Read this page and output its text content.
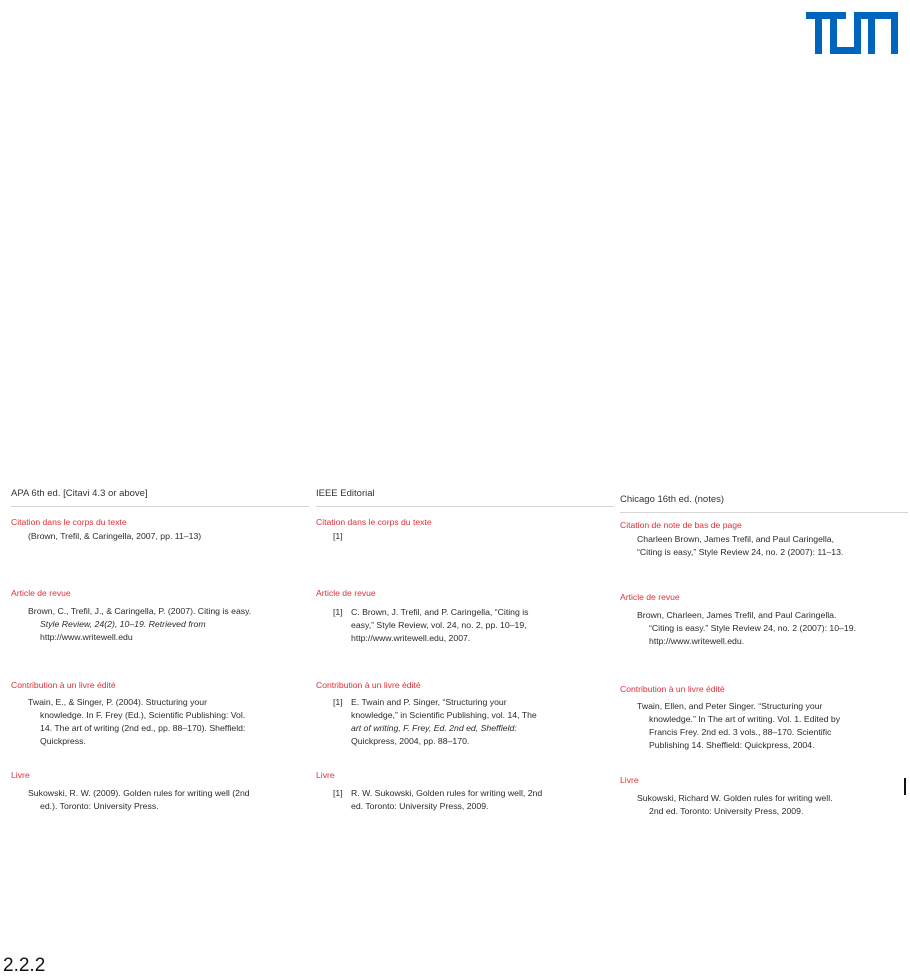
APA 6th ed. [Citavi 4.3 or above]

Citation dans le corps du texte

(Brown, Trefil, & Caringella, 2007, pp. 11–13)

Article de revue

Brown, C., Trefil, J., & Caringella, P. (2007). Citing is easy.
Style Review, 24(2), 10–19. Retrieved from
http://www.writewell.edu

Contribution à un livre édité

Twain, E., & Singer, P. (2004). Structuring your
knowledge. In F. Frey (Ed.), Scientific Publishing: Vol.
14. The art of writing (2nd ed., pp. 88–170). Sheffield:
Quickpress.

Livre

Sukowski, R. W. (2009). Golden rules for writing well (2nd
ed.). Toronto: University Press.

IEEE Editorial

Citation dans le corps du texte

[1]

Article de revue

[1] C. Brown, J. Trefil, and P. Caringella, “Citing is
easy,” Style Review, vol. 24, no. 2, pp. 10–19,
http://www.writewell.edu, 2007.

Contribution à un livre édité

[1] E. Twain and P. Singer, “Structuring your
knowledge,” in Scientific Publishing, vol. 14, The
art of writing, F. Frey, Ed. 2nd ed, Sheffield:
Quickpress, 2004, pp. 88–170.

Livre

[1] R. W. Sukowski, Golden rules for writing well, 2nd
ed. Toronto: University Press, 2009.

Chicago 16th ed. (notes)

Citation de note de bas de page

Charleen Brown, James Trefil, and Paul Caringella,
“Citing is easy,” Style Review 24, no. 2 (2007): 11–13.

Article de revue

Brown, Charleen, James Trefil, and Paul Caringella.
“Citing is easy.” Style Review 24, no. 2 (2007): 10–19.
http://www.writewell.edu.

Contribution à un livre édité

Twain, Ellen, and Peter Singer. “Structuring your
knowledge.” In The art of writing. Vol. 1. Edited by
Francis Frey. 2nd ed. 3 vols., 88–170. Scientific
Publishing 14. Sheffield: Quickpress, 2004.

Livre

Sukowski, Richard W. Golden rules for writing well.
2nd ed. Toronto: University Press, 2009.

2.2.2
